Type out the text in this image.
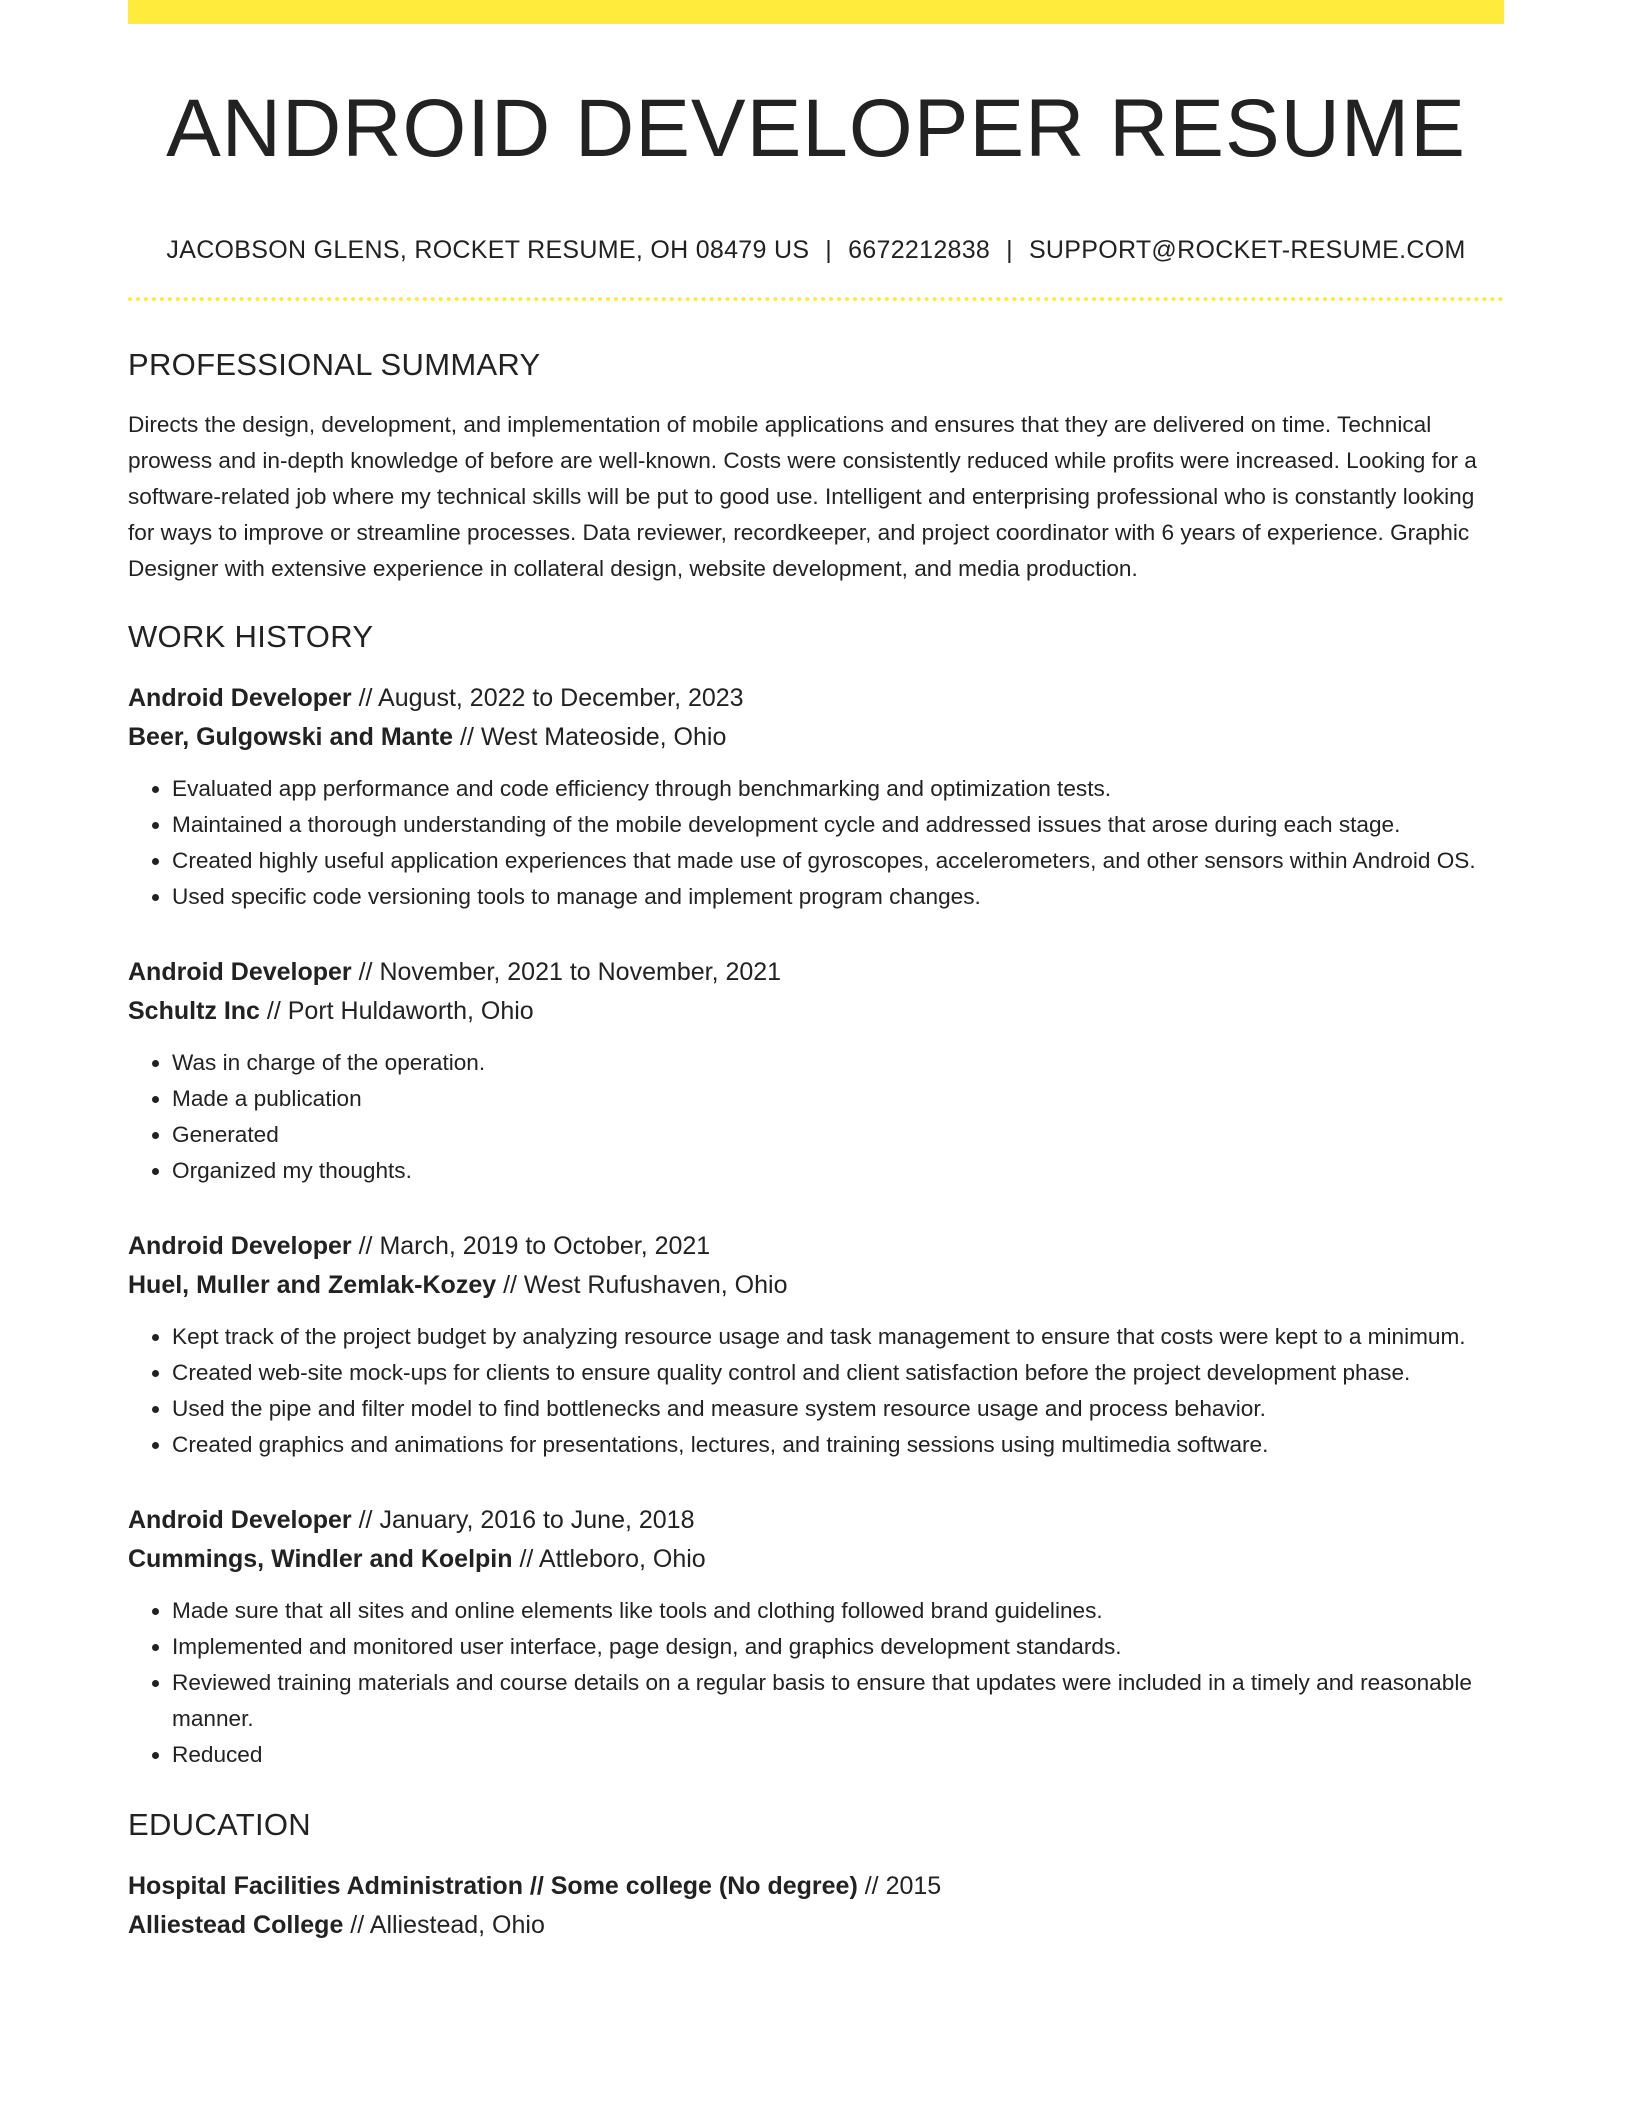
ANDROID DEVELOPER RESUME
JACOBSON GLENS, ROCKET RESUME, OH 08479 US | 6672212838 | SUPPORT@ROCKET-RESUME.COM
PROFESSIONAL SUMMARY

Directs the design, development, and implementation of mobile applications and ensures that they are delivered on time. Technical prowess and in-depth knowledge of before are well-known. Costs were consistently reduced while profits were increased. Looking for a software-related job where my technical skills will be put to good use. Intelligent and enterprising professional who is constantly looking for ways to improve or streamline processes. Data reviewer, recordkeeper, and project coordinator with 6 years of experience. Graphic Designer with extensive experience in collateral design, website development, and media production.

WORK HISTORY
Android Developer // August, 2022 to December, 2023
Beer, Gulgowski and Mante // West Mateoside, Ohio
• Evaluated app performance and code efficiency through benchmarking and optimization tests.
• Maintained a thorough understanding of the mobile development cycle and addressed issues that arose during each stage.
• Created highly useful application experiences that made use of gyroscopes, accelerometers, and other sensors within Android OS.
• Used specific code versioning tools to manage and implement program changes.
Android Developer // November, 2021 to November, 2021
Schultz Inc // Port Huldaworth, Ohio
• Was in charge of the operation.
• Made a publication
• Generated
• Organized my thoughts.
Android Developer // March, 2019 to October, 2021
Huel, Muller and Zemlak-Kozey // West Rufushaven, Ohio
• Kept track of the project budget by analyzing resource usage and task management to ensure that costs were kept to a minimum.
• Created web-site mock-ups for clients to ensure quality control and client satisfaction before the project development phase.
• Used the pipe and filter model to find bottlenecks and measure system resource usage and process behavior.
• Created graphics and animations for presentations, lectures, and training sessions using multimedia software.
Android Developer // January, 2016 to June, 2018
Cummings, Windler and Koelpin // Attleboro, Ohio
• Made sure that all sites and online elements like tools and clothing followed brand guidelines.
• Implemented and monitored user interface, page design, and graphics development standards.
• Reviewed training materials and course details on a regular basis to ensure that updates were included in a timely and reasonable manner.
• Reduced
EDUCATION
Hospital Facilities Administration // Some college (No degree) // 2015
Alliestead College // Alliestead, Ohio
